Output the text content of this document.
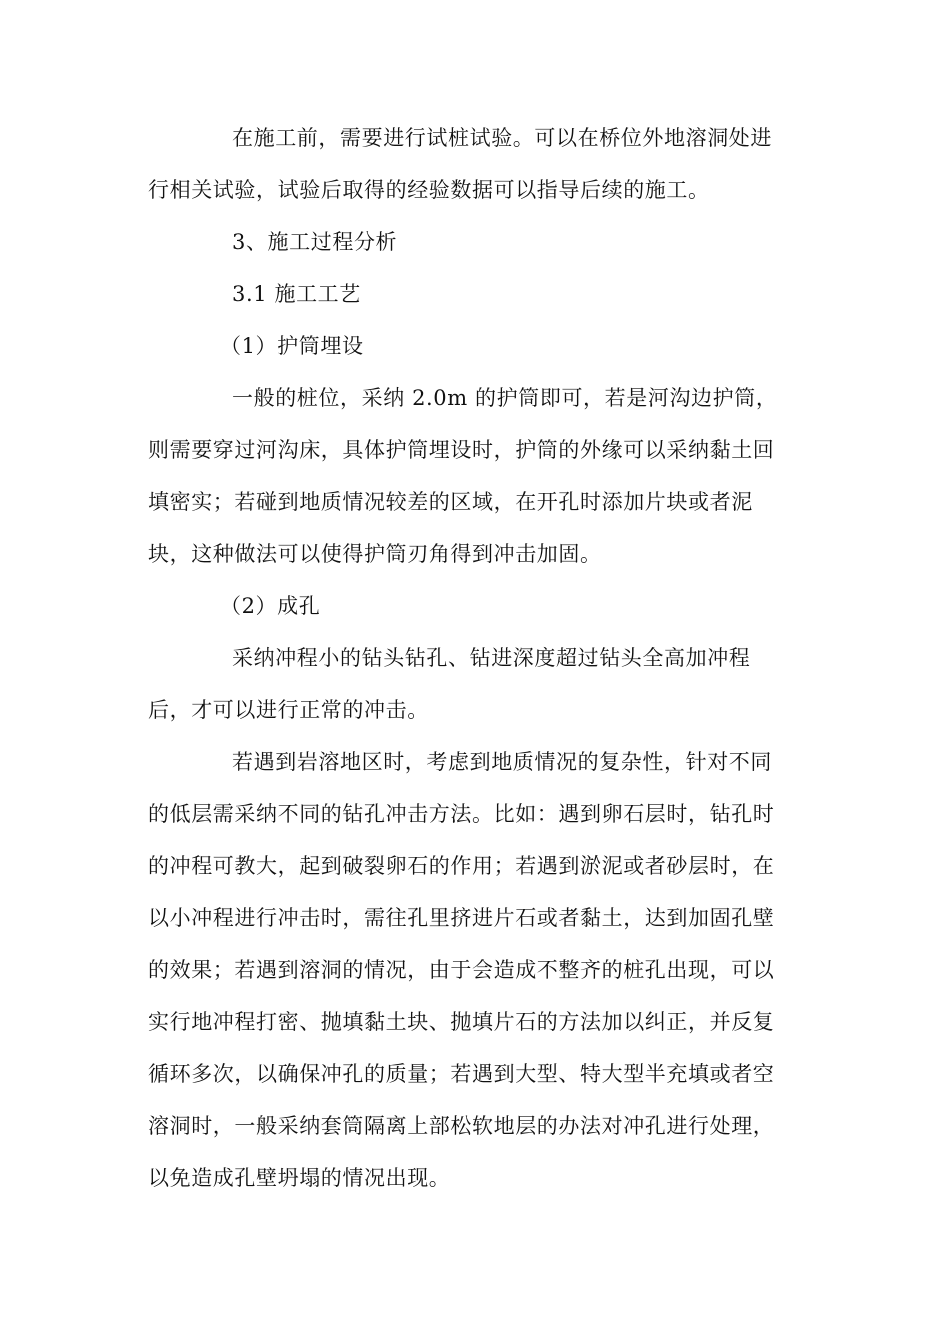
在施工前，需要进行试桩试验。可以在桥位外地溶洞处进
行相关试验，试验后取得的经验数据可以指导后续的施工。
3、施工过程分析
3.1 施工工艺
（1）护筒埋设
一般的桩位，采纳 2.0m 的护筒即可，若是河沟边护筒，
则需要穿过河沟床，具体护筒埋设时，护筒的外缘可以采纳黏土回
填密实；若碰到地质情况较差的区域，在开孔时添加片块或者泥
块，这种做法可以使得护筒刃角得到冲击加固。
（2）成孔
采纳冲程小的钻头钻孔、钻进深度超过钻头全高加冲程
后，才可以进行正常的冲击。
若遇到岩溶地区时，考虑到地质情况的复杂性，针对不同
的低层需采纳不同的钻孔冲击方法。比如：遇到卵石层时，钻孔时
的冲程可教大，起到破裂卵石的作用；若遇到淤泥或者砂层时，在
以小冲程进行冲击时，需往孔里挤进片石或者黏土，达到加固孔壁
的效果；若遇到溶洞的情况，由于会造成不整齐的桩孔出现，可以
实行地冲程打密、抛填黏土块、抛填片石的方法加以纠正，并反复
循环多次，以确保冲孔的质量；若遇到大型、特大型半充填或者空
溶洞时，一般采纳套筒隔离上部松软地层的办法对冲孔进行处理，
以免造成孔壁坍塌的情况出现。
